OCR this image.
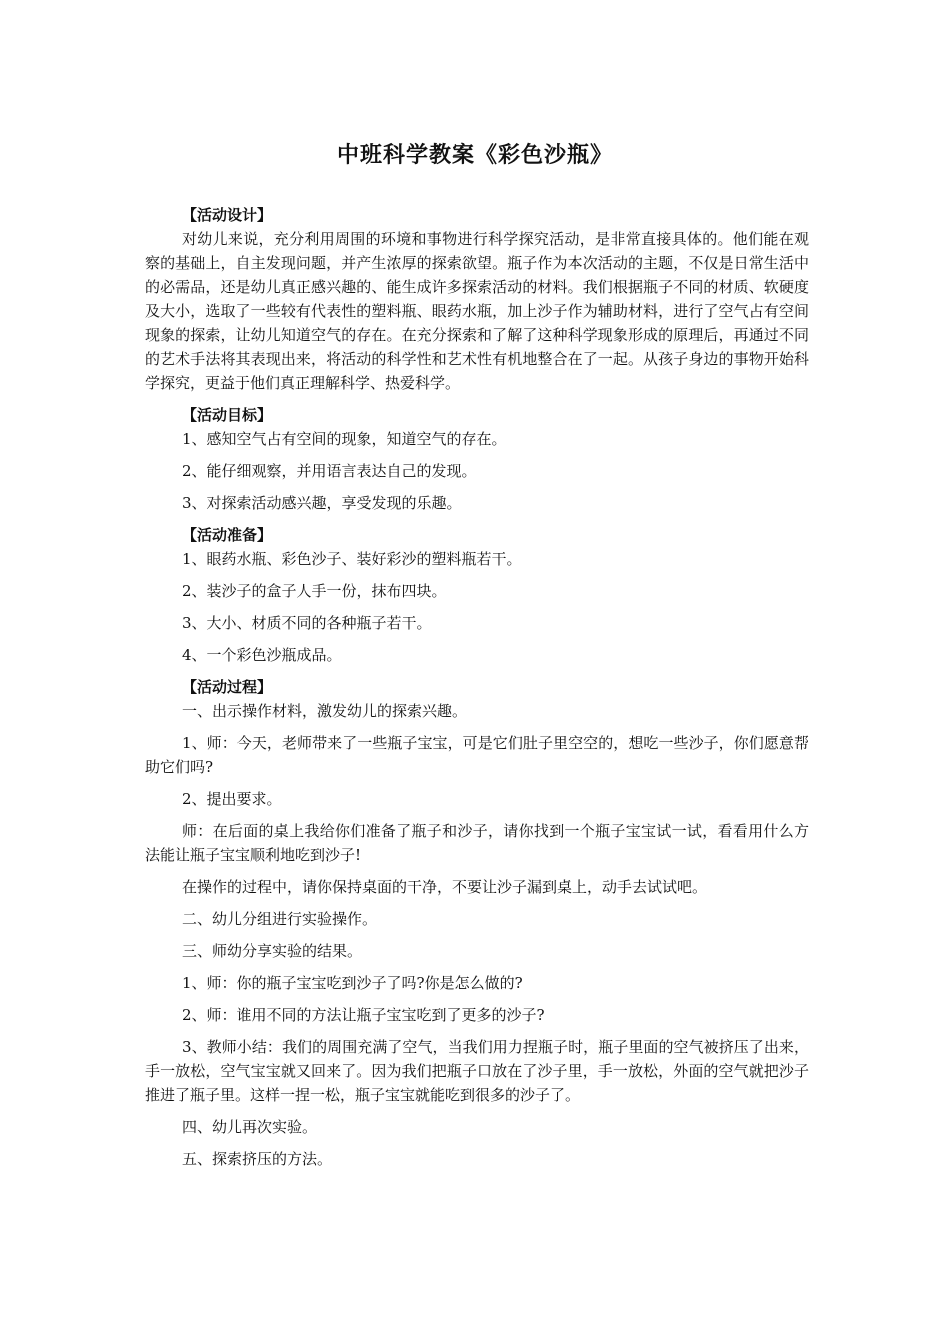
中班科学教案《彩色沙瓶》

【活动设计】

对幼儿来说，充分利用周围的环境和事物进行科学探究活动，是非常直接具体的。他们能在观察的基础上，自主发现问题，并产生浓厚的探索欲望。瓶子作为本次活动的主题，不仅是日常生活中的必需品，还是幼儿真正感兴趣的、能生成许多探索活动的材料。我们根据瓶子不同的材质、软硬度及大小，选取了一些较有代表性的塑料瓶、眼药水瓶，加上沙子作为辅助材料，进行了空气占有空间现象的探索，让幼儿知道空气的存在。在充分探索和了解了这种科学现象形成的原理后，再通过不同的艺术手法将其表现出来，将活动的科学性和艺术性有机地整合在了一起。从孩子身边的事物开始科学探究，更益于他们真正理解科学、热爱科学。

【活动目标】

1、感知空气占有空间的现象，知道空气的存在。

2、能仔细观察，并用语言表达自己的发现。

3、对探索活动感兴趣，享受发现的乐趣。

【活动准备】

1、眼药水瓶、彩色沙子、装好彩沙的塑料瓶若干。

2、装沙子的盒子人手一份，抹布四块。

3、大小、材质不同的各种瓶子若干。

4、一个彩色沙瓶成品。

【活动过程】

一、出示操作材料，激发幼儿的探索兴趣。

1、师：今天，老师带来了一些瓶子宝宝，可是它们肚子里空空的，想吃一些沙子，你们愿意帮助它们吗?

2、提出要求。

师：在后面的桌上我给你们准备了瓶子和沙子，请你找到一个瓶子宝宝试一试，看看用什么方法能让瓶子宝宝顺利地吃到沙子!

在操作的过程中，请你保持桌面的干净，不要让沙子漏到桌上，动手去试试吧。

二、幼儿分组进行实验操作。

三、师幼分享实验的结果。

1、师：你的瓶子宝宝吃到沙子了吗?你是怎么做的?

2、师：谁用不同的方法让瓶子宝宝吃到了更多的沙子?

3、教师小结：我们的周围充满了空气，当我们用力捏瓶子时，瓶子里面的空气被挤压了出来，手一放松，空气宝宝就又回来了。因为我们把瓶子口放在了沙子里，手一放松，外面的空气就把沙子推进了瓶子里。这样一捏一松，瓶子宝宝就能吃到很多的沙子了。

四、幼儿再次实验。

五、探索挤压的方法。
